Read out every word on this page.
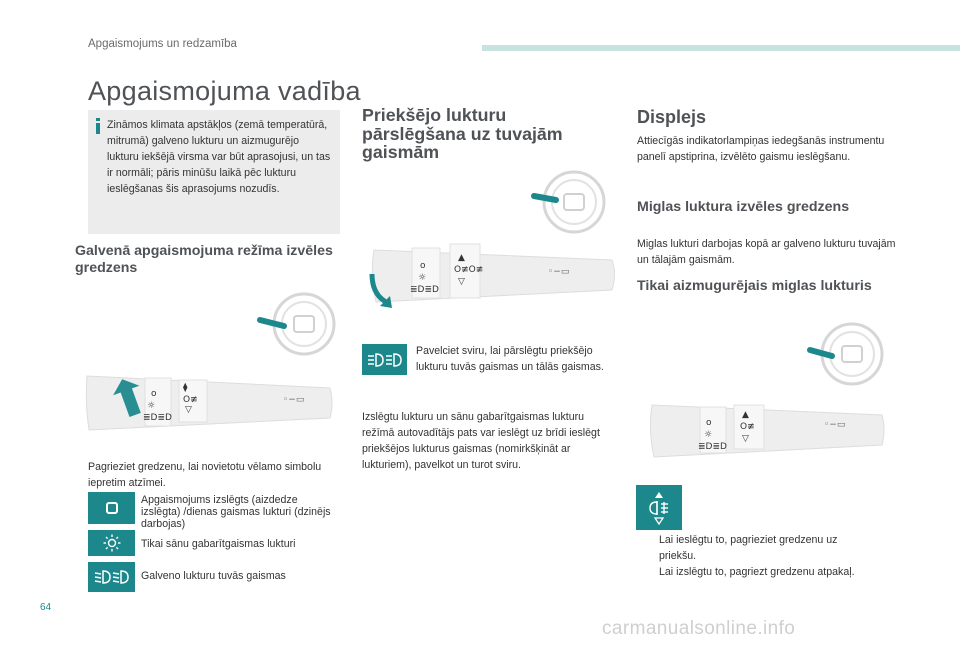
Apgaismojums un redzamība
Apgaismojuma vadība
Zināmos klimata apstākļos (zemā temperatūrā, mitrumā) galveno lukturu un aizmugurējo lukturu iekšējā virsma var būt aprasojusi, un tas ir normāli; pāris minūšu laikā pēc lukturu ieslēgšanas šis aprasojums nozudīs.
Galvenā apgaismojuma režīma izvēles gredzens
o
☼
≣D≣D
⧫
O≢
▽
◦−▭
Pagrieziet gredzenu, lai novietotu vēlamo simbolu iepretim atzīmei.
Apgaismojums izslēgts (aizdedze izslēgta) /dienas gaismas lukturi (dzinējs darbojas)
Tikai sānu gabarītgaismas lukturi
Galveno lukturu tuvās gaismas
Priekšējo lukturu pārslēgšana uz tuvajām gaismām
o
☼
≣D≣D
▲
O≢O≢
▽
◦−▭
Pavelciet sviru, lai pārslēgtu priekšējo lukturu tuvās gaismas un tālās gaismas.
Izslēgtu lukturu un sānu gabarītgaismas lukturu režīmā autovadītājs pats var ieslēgt uz brīdi ieslēgt priekšējos lukturus gaismas (nomirkšķināt ar lukturiem), pavelkot un turot sviru.
Displejs
Attiecīgās indikatorlampiņas iedegšanās instrumentu panelī apstiprina, izvēlēto gaismu ieslēgšanu.
Miglas luktura izvēles gredzens
Miglas lukturi darbojas kopā ar galveno lukturu tuvajām un tālajām gaismām.
Tikai aizmugurējais miglas lukturis
o
☼
≣D≣D
▲
O≢
▽
◦−▭
Lai ieslēgtu to, pagrieziet gredzenu uz priekšu.
Lai izslēgtu to, pagriezt gredzenu atpakaļ.
64
carmanualsonline.info
